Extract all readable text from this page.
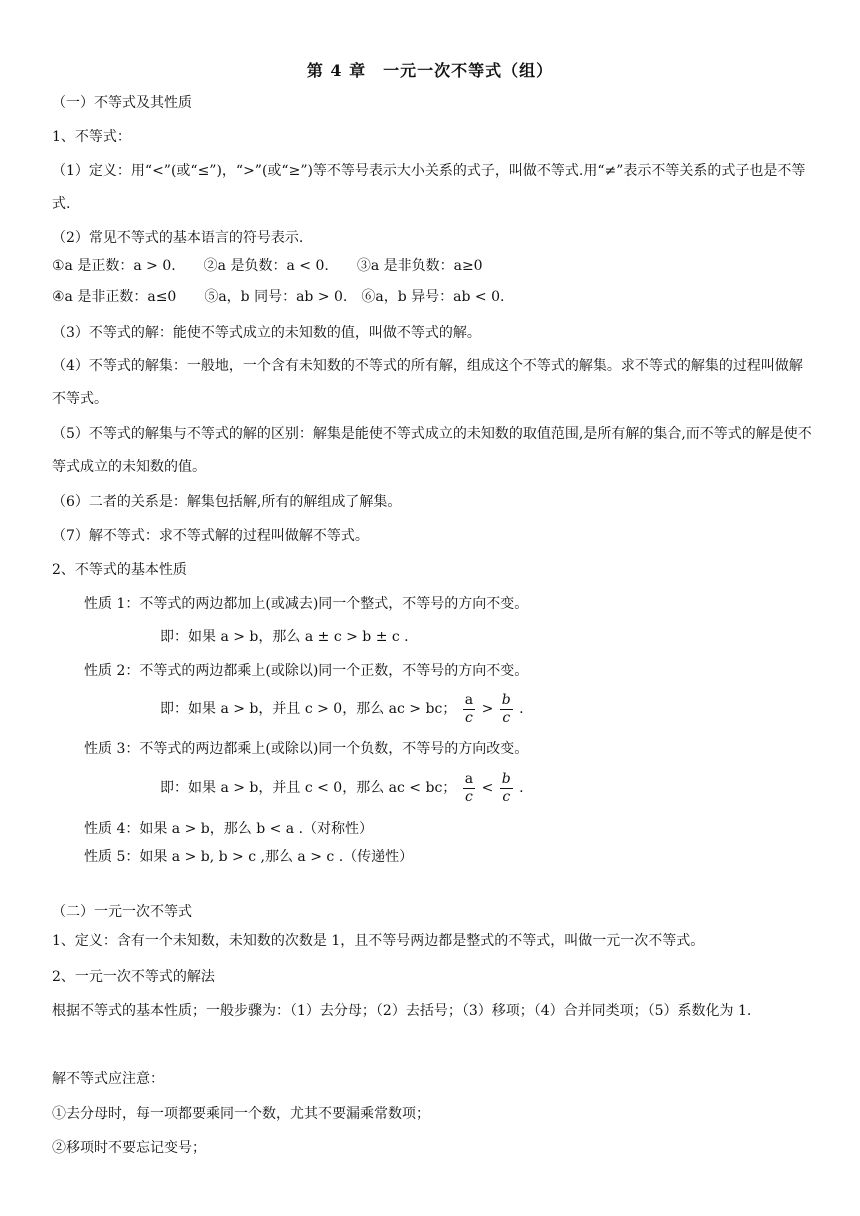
第 4 章　一元一次不等式（组）
（一）不等式及其性质
1、不等式：
（1）定义：用“<”(或“≤”)，“>”(或“≥”)等不等号表示大小关系的式子，叫做不等式.用“≠”表示不等关系的式子也是不等式.
（2）常见不等式的基本语言的符号表示.
①a 是正数：a > 0.　　②a 是负数：a < 0.　　③a 是非负数：a≥0
④a 是非正数：a≤0　　⑤a，b 同号：ab > 0.　⑥a，b 异号：ab < 0.
（3）不等式的解：能使不等式成立的未知数的值，叫做不等式的解。
（4）不等式的解集：一般地，一个含有未知数的不等式的所有解，组成这个不等式的解集。求不等式的解集的过程叫做解不等式。
（5）不等式的解集与不等式的解的区别：解集是能使不等式成立的未知数的取值范围,是所有解的集合,而不等式的解是使不等式成立的未知数的值。
（6）二者的关系是：解集包括解,所有的解组成了解集。
（7）解不等式：求不等式解的过程叫做解不等式。
2、不等式的基本性质
性质 1：不等式的两边都加上(或减去)同一个整式，不等号的方向不变。
即：如果 a > b，那么 a ± c > b ± c .
性质 2：不等式的两边都乘上(或除以)同一个正数，不等号的方向不变。
即：如果 a > b，并且 c > 0，那么 ac > bc； $\frac{a}{c} > \frac{b}{c}$ .
性质 3：不等式的两边都乘上(或除以)同一个负数，不等号的方向改变。
即：如果 a > b，并且 c < 0，那么 ac < bc； $\frac{a}{c} < \frac{b}{c}$ .
性质 4：如果 a > b，那么 b < a .（对称性）
性质 5：如果 a > b, b > c ,那么 a > c .（传递性）
（二）一元一次不等式
1、定义：含有一个未知数，未知数的次数是 1，且不等号两边都是整式的不等式，叫做一元一次不等式。
2、一元一次不等式的解法
根据不等式的基本性质；一般步骤为：（1）去分母；（2）去括号；（3）移项；（4）合并同类项；（5）系数化为 1.
解不等式应注意：
①去分母时，每一项都要乘同一个数，尤其不要漏乘常数项；
②移项时不要忘记变号；
